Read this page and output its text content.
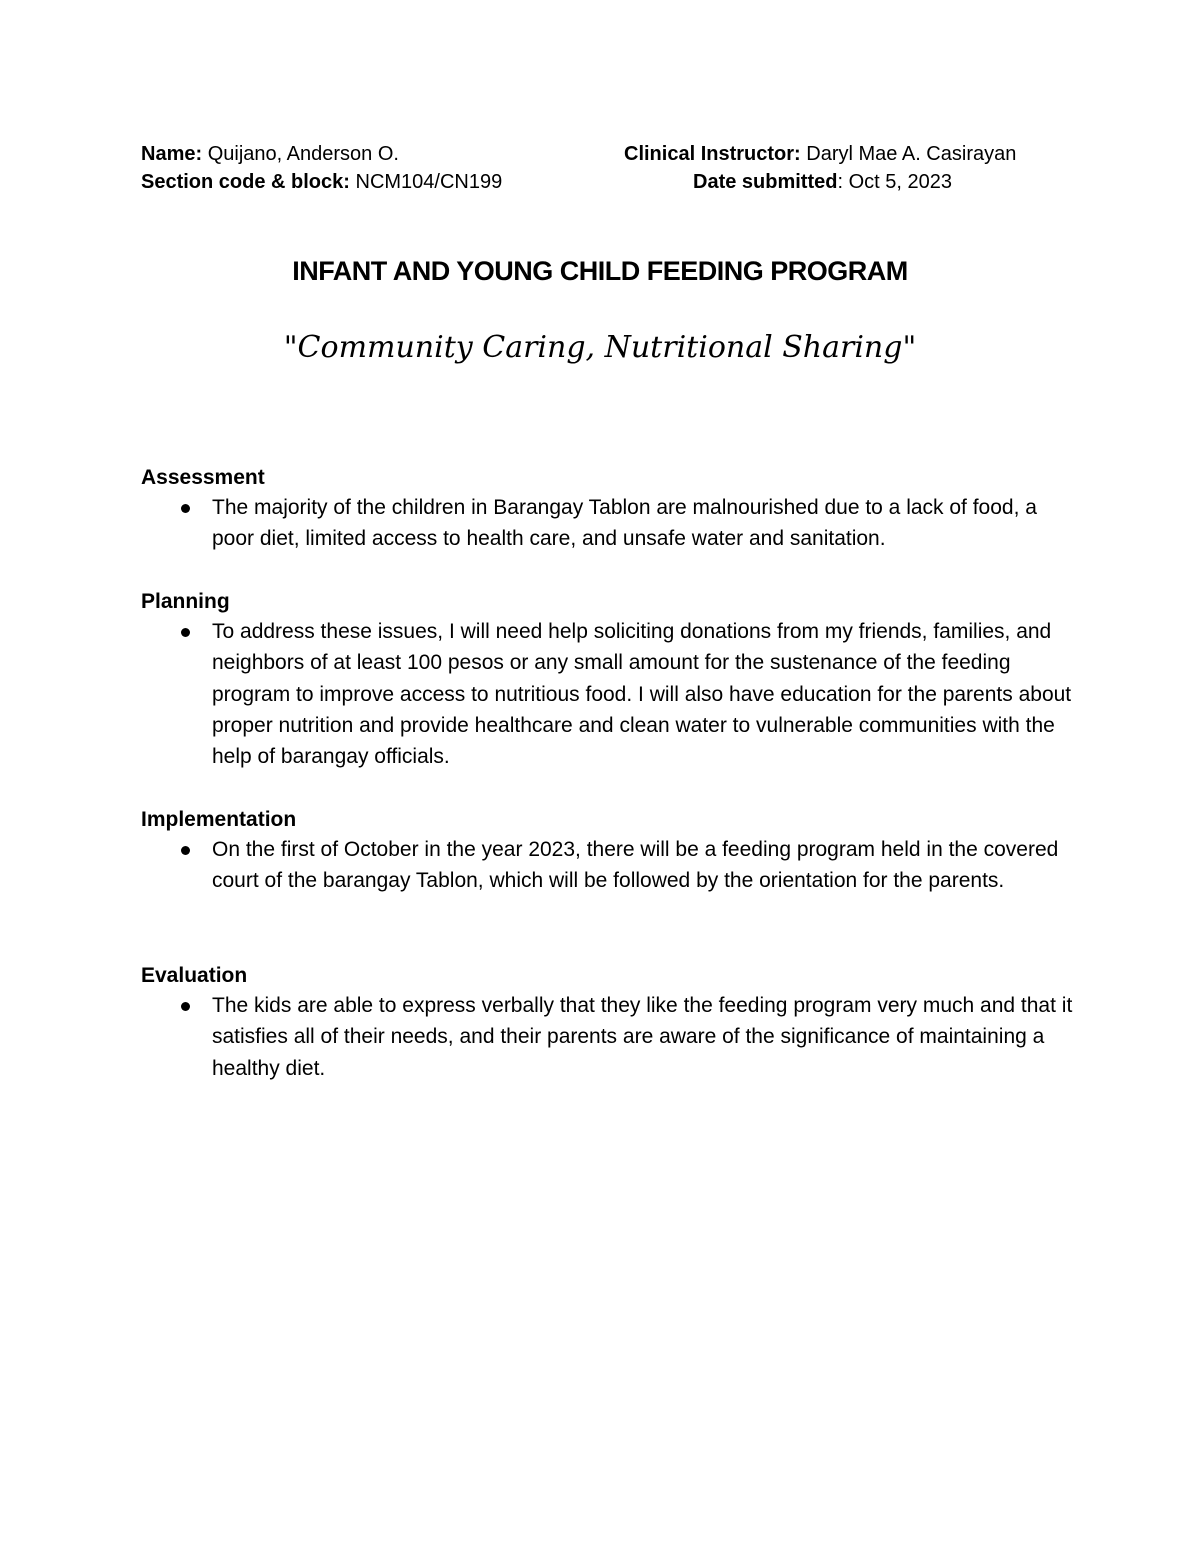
Name: Quijano, Anderson O.
Section code & block: NCM104/CN199
Clinical Instructor: Daryl Mae A. Casirayan
Date submitted: Oct 5, 2023
INFANT AND YOUNG CHILD FEEDING PROGRAM
"Community Caring, Nutritional Sharing"
Assessment
The majority of the children in Barangay Tablon are malnourished due to a lack of food, a poor diet, limited access to health care, and unsafe water and sanitation.
Planning
To address these issues, I will need help soliciting donations from my friends, families, and neighbors of at least 100 pesos or any small amount for the sustenance of the feeding program to improve access to nutritious food. I will also have education for the parents about proper nutrition and provide healthcare and clean water to vulnerable communities with the help of barangay officials.
Implementation
On the first of October in the year 2023, there will be a feeding program held in the covered court of the barangay Tablon, which will be followed by the orientation for the parents.
Evaluation
The kids are able to express verbally that they like the feeding program very much and that it satisfies all of their needs, and their parents are aware of the significance of maintaining a healthy diet.
